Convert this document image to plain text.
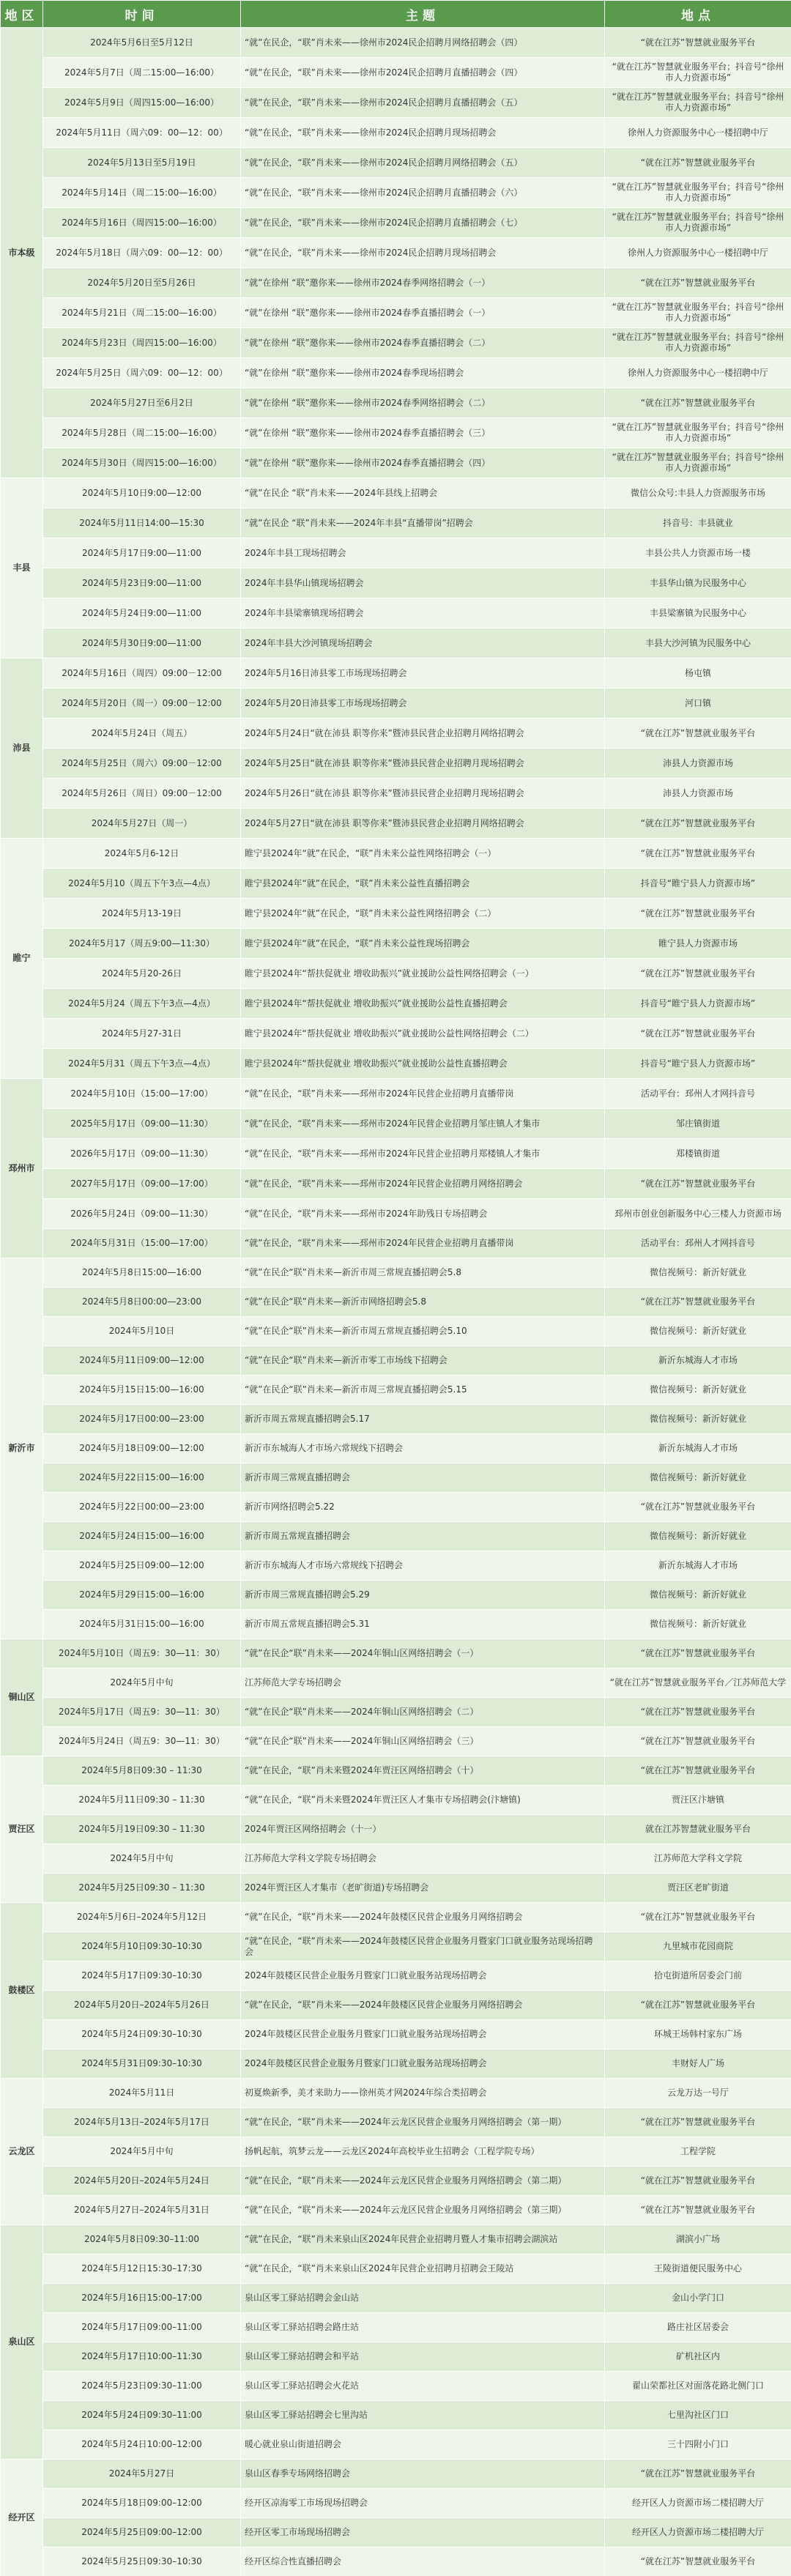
地区	时间	主题	地点
市本级	2024年5月6日至5月12日	“就”在民企，“联”肖未来——徐州市2024民企招聘月网络招聘会（四）	“就在江苏”智慧就业服务平台
	2024年5月7日（周二15:00—16:00）	“就”在民企，“联”肖未来——徐州市2024民企招聘月直播招聘会（四）	“就在江苏”智慧就业服务平台；抖音号“徐州市人力资源市场”
	2024年5月9日（周四15:00—16:00）	“就”在民企，“联”肖未来——徐州市2024民企招聘月直播招聘会（五）	“就在江苏”智慧就业服务平台；抖音号“徐州市人力资源市场”
	2024年5月11日（周六09：00—12：00）	“就”在民企，“联”肖未来——徐州市2024民企招聘月现场招聘会	徐州人力资源服务中心一楼招聘中厅
	2024年5月13日至5月19日	“就”在民企，“联”肖未来——徐州市2024民企招聘月网络招聘会（五）	“就在江苏”智慧就业服务平台
	2024年5月14日（周二15:00—16:00）	“就”在民企，“联”肖未来——徐州市2024民企招聘月直播招聘会（六）	“就在江苏”智慧就业服务平台；抖音号“徐州市人力资源市场”
	2024年5月16日（周四15:00—16:00）	“就”在民企，“联”肖未来——徐州市2024民企招聘月直播招聘会（七）	“就在江苏”智慧就业服务平台；抖音号“徐州市人力资源市场”
	2024年5月18日（周六09：00—12：00）	“就”在民企，“联”肖未来——徐州市2024民企招聘月现场招聘会	徐州人力资源服务中心一楼招聘中厅
	2024年5月20日至5月26日	“就”在徐州 “联”邀你来——徐州市2024春季网络招聘会（一）	“就在江苏”智慧就业服务平台
	2024年5月21日（周二15:00—16:00）	“就”在徐州 “联”邀你来——徐州市2024春季直播招聘会（一）	“就在江苏”智慧就业服务平台；抖音号“徐州市人力资源市场”
	2024年5月23日（周四15:00—16:00）	“就”在徐州 “联”邀你来——徐州市2024春季直播招聘会（二）	“就在江苏”智慧就业服务平台；抖音号“徐州市人力资源市场”
	2024年5月25日（周六09：00—12：00）	“就”在徐州 “联”邀你来——徐州市2024春季现场招聘会	徐州人力资源服务中心一楼招聘中厅
	2024年5月27日至6月2日	“就”在徐州 “联”邀你来——徐州市2024春季网络招聘会（二）	“就在江苏”智慧就业服务平台
	2024年5月28日（周二15:00—16:00）	“就”在徐州 “联”邀你来——徐州市2024春季直播招聘会（三）	“就在江苏”智慧就业服务平台；抖音号“徐州市人力资源市场”
	2024年5月30日（周四15:00—16:00）	“就”在徐州 “联”邀你来——徐州市2024春季直播招聘会（四）	“就在江苏”智慧就业服务平台；抖音号“徐州市人力资源市场”
丰县	2024年5月10日9:00—12:00	“就”在民企 “联”肖未来——2024年县线上招聘会	微信公众号:丰县人力资源服务市场
	2024年5月11日14:00—15:30	“就”在民企 “联”肖未来——2024年丰县“直播带岗”招聘会	抖音号：丰县就业
	2024年5月17日9:00—11:00	2024年丰县工现场招聘会	丰县公共人力资源市场一楼
	2024年5月23日9:00—11:00	2024年丰县华山镇现场招聘会	丰县华山镇为民服务中心
	2024年5月24日9:00—11:00	2024年丰县梁寨镇现场招聘会	丰县梁寨镇为民服务中心
	2024年5月30日9:00—11:00	2024年丰县大沙河镇现场招聘会	丰县大沙河镇为民服务中心
沛县	2024年5月16日（周四）09:00－12:00	2024年5月16日沛县零工市场现场招聘会	杨屯镇
	2024年5月20日（周一）09:00－12:00	2024年5月20日沛县零工市场现场招聘会	河口镇
	2024年5月24日（周五）	2024年5月24日“就在沛县 职等你来”暨沛县民营企业招聘月网络招聘会	“就在江苏”智慧就业服务平台
	2024年5月25日（周六）09:00－12:00	2024年5月25日“就在沛县 职等你来”暨沛县民营企业招聘月现场招聘会	沛县人力资源市场
	2024年5月26日（周日）09:00－12:00	2024年5月26日“就在沛县 职等你来”暨沛县民营企业招聘月现场招聘会	沛县人力资源市场
	2024年5月27日（周一）	2024年5月27日“就在沛县 职等你来”暨沛县民营企业招聘月网络招聘会	“就在江苏”智慧就业服务平台
睢宁	2024年5月6-12日	睢宁县2024年“就”在民企，“联”肖未来公益性网络招聘会（一）	“就在江苏”智慧就业服务平台
	2024年5月10（周五下午3点—4点）	睢宁县2024年“就”在民企，“联”肖未来公益性直播招聘会	抖音号“睢宁县人力资源市场”
	2024年5月13-19日	睢宁县2024年“就”在民企，“联”肖未来公益性网络招聘会（二）	“就在江苏”智慧就业服务平台
	2024年5月17（周五9:00—11:30）	睢宁县2024年“就”在民企，“联”肖未来公益性现场招聘会	睢宁县人力资源市场
	2024年5月20-26日	睢宁县2024年“帮扶促就业 增收助振兴”就业援助公益性网络招聘会（一）	“就在江苏”智慧就业服务平台
	2024年5月24（周五下午3点—4点）	睢宁县2024年“帮扶促就业 增收助振兴”就业援助公益性直播招聘会	抖音号“睢宁县人力资源市场”
	2024年5月27-31日	睢宁县2024年“帮扶促就业 增收助振兴”就业援助公益性网络招聘会（二）	“就在江苏”智慧就业服务平台
	2024年5月31（周五下午3点—4点）	睢宁县2024年“帮扶促就业 增收助振兴”就业援助公益性直播招聘会	抖音号“睢宁县人力资源市场”
邳州市	2024年5月10日（15:00—17:00）	“就”在民企，“联”肖未来——邳州市2024年民营企业招聘月直播带岗	活动平台：邳州人才网抖音号
	2025年5月17日（09:00—11:30）	“就”在民企，“联”肖未来——邳州市2024年民营企业招聘月邹庄镇人才集市	邹庄镇街道
	2026年5月17日（09:00—11:30）	“就”在民企，“联”肖未来——邳州市2024年民营企业招聘月郑楼镇人才集市	郑楼镇街道
	2027年5月17日（09:00—17:00）	“就”在民企，“联”肖未来——邳州市2024年民营企业招聘月网络招聘会	“就在江苏”智慧就业服务平台
	2026年5月24日（09:00—11:30）	“就”在民企，“联”肖未来——邳州市2024年助残日专场招聘会	邳州市创业创新服务中心三楼人力资源市场
	2024年5月31日（15:00—17:00）	“就”在民企，“联”肖未来——邳州市2024年民营企业招聘月直播带岗	活动平台：邳州人才网抖音号
新沂市	2024年5月8日15:00—16:00	“就”在民企“联”肖未来—新沂市周三常规直播招聘会5.8	微信视频号：新沂好就业
	2024年5月8日00:00—23:00	“就”在民企“联”肖未来—新沂市网络招聘会5.8	“就在江苏”智慧就业服务平台
	2024年5月10日	“就”在民企“联”肖未来—新沂市周五常规直播招聘会5.10	微信视频号：新沂好就业
	2024年5月11日09:00—12:00	“就”在民企“联”肖未来—新沂市零工市场线下招聘会	新沂东城海人才市场
	2024年5月15日15:00—16:00	“就”在民企“联”肖未来—新沂市周三常规直播招聘会5.15	微信视频号：新沂好就业
	2024年5月17日00:00—23:00	新沂市周五常规直播招聘会5.17	微信视频号：新沂好就业
	2024年5月18日09:00—12:00	新沂市东城海人才市场六常规线下招聘会	新沂东城海人才市场
	2024年5月22日15:00—16:00	新沂市周三常规直播招聘会	微信视频号：新沂好就业
	2024年5月22日00:00—23:00	新沂市网络招聘会5.22	“就在江苏”智慧就业服务平台
	2024年5月24日15:00—16:00	新沂市周五常规直播招聘会	微信视频号：新沂好就业
	2024年5月25日09:00—12:00	新沂市东城海人才市场六常规线下招聘会	新沂东城海人才市场
	2024年5月29日15:00—16:00	新沂市周三常规直播招聘会5.29	微信视频号：新沂好就业
	2024年5月31日15:00—16:00	新沂市周五常规直播招聘会5.31	微信视频号：新沂好就业
铜山区	2024年5月10日（周五9：30—11：30）	“就”在民企“联”肖未来——2024年铜山区网络招聘会（一）	“就在江苏”智慧就业服务平台
	2024年5月中旬	江苏师范大学专场招聘会	“就在江苏”智慧就业服务平台／江苏师范大学
	2024年5月17日（周五9：30—11：30）	“就”在民企“联”肖未来——2024年铜山区网络招聘会（二）	“就在江苏”智慧就业服务平台
	2024年5月24日（周五9：30—11：30）	“就”在民企“联”肖未来——2024年铜山区网络招聘会（三）	“就在江苏”智慧就业服务平台
贾汪区	2024年5月8日09:30 – 11:30	“就”在民企，“联”肖未来暨2024年贾汪区网络招聘会（十）	“就在江苏”智慧就业服务平台
	2024年5月11日09:30 – 11:30	“就”在民企，“联”肖未来暨2024年贾汪区人才集市专场招聘会(汴塘镇)	贾汪区汴塘镇
	2024年5月19日09:30 – 11:30	2024年贾汪区网络招聘会（十一）	就在江苏智慧就业服务平台
	2024年5月中旬	江苏师范大学科文学院专场招聘会	江苏师范大学科文学院
	2024年5月25日09:30 – 11:30	2024年贾汪区人才集市（老旷街道)专场招聘会	贾汪区老旷街道
鼓楼区	2024年5月6日–2024年5月12日	“就”在民企，“联”肖未来——2024年鼓楼区民营企业服务月网络招聘会	“就在江苏”智慧就业服务平台
	2024年5月10日09:30–10:30	“就”在民企，“联”肖未来——2024年鼓楼区民营企业服务月暨家门口就业服务站现场招聘会	九里城市花园商院
	2024年5月17日09:30–10:30	2024年鼓楼区民营企业服务月暨家门口就业服务站现场招聘会	拾屯街道所居委会门前
	2024年5月20日–2024年5月26日	“就”在民企，“联”肖未来——2024年鼓楼区民营企业服务月网络招聘会	“就在江苏”智慧就业服务平台
	2024年5月24日09:30–10:30	2024年鼓楼区民营企业服务月暨家门口就业服务站现场招聘会	环城王场韩村家东广场
	2024年5月31日09:30–10:30	2024年鼓楼区民营企业服务月暨家门口就业服务站现场招聘会	丰财好人广场
云龙区	2024年5月11日	初夏焕新季，美才来助力——徐州英才网2024年综合类招聘会	云龙万达一号厅
	2024年5月13日–2024年5月17日	“就”在民企，“联”肖未来——2024年云龙区民营企业服务月网络招聘会（第一期）	“就在江苏”智慧就业服务平台
	2024年5月中旬	扬帆起航，筑梦云龙——云龙区2024年高校毕业生招聘会（工程学院专场）	工程学院
	2024年5月20日–2024年5月24日	“就”在民企，“联”肖未来——2024年云龙区民营企业服务月网络招聘会（第二期）	“就在江苏”智慧就业服务平台
	2024年5月27日–2024年5月31日	“就”在民企，“联”肖未来——2024年云龙区民营企业服务月网络招聘会（第三期）	“就在江苏”智慧就业服务平台
泉山区	2024年5月8日09:30–11:00	“就”在民企，“联”肖未来泉山区2024年民营企业招聘月暨人才集市招聘会湖滨站	湖滨小广场
	2024年5月12日15:30–17:30	“就”在民企，“联”肖未来泉山区2024年民营企业招聘月招聘会王陵站	王陵街道便民服务中心
	2024年5月16日15:00–17:00	泉山区零工驿站招聘会金山站	金山小学门口
	2024年5月17日09:00–11:00	泉山区零工驿站招聘会路庄站	路庄社区居委会
	2024年5月17日10:00–11:30	泉山区零工驿站招聘会和平站	矿机社区内
	2024年5月23日09:30–11:00	泉山区零工驿站招聘会火花站	翟山荣都社区对面落花路北侧门口
	2024年5月24日09:30–11:00	泉山区零工驿站招聘会七里沟站	七里沟社区门口
	2024年5月24日10:00–12:00	暖心就业泉山街道招聘会	三十四附小门口
经开区	2024年5月27日	泉山区春季专场网络招聘会	“就在江苏”智慧就业服务平台
	2024年5月18日09:00–12:00	经开区凉海零工市场现场招聘会	经开区人力资源市场二楼招聘大厅
	2024年5月25日09:00–12:00	经开区零工市场现场招聘会	经开区人力资源市场二楼招聘大厅
	2024年5月25日09:30–10:30	经开区综合性直播招聘会	“就在江苏”智慧就业服务平台
